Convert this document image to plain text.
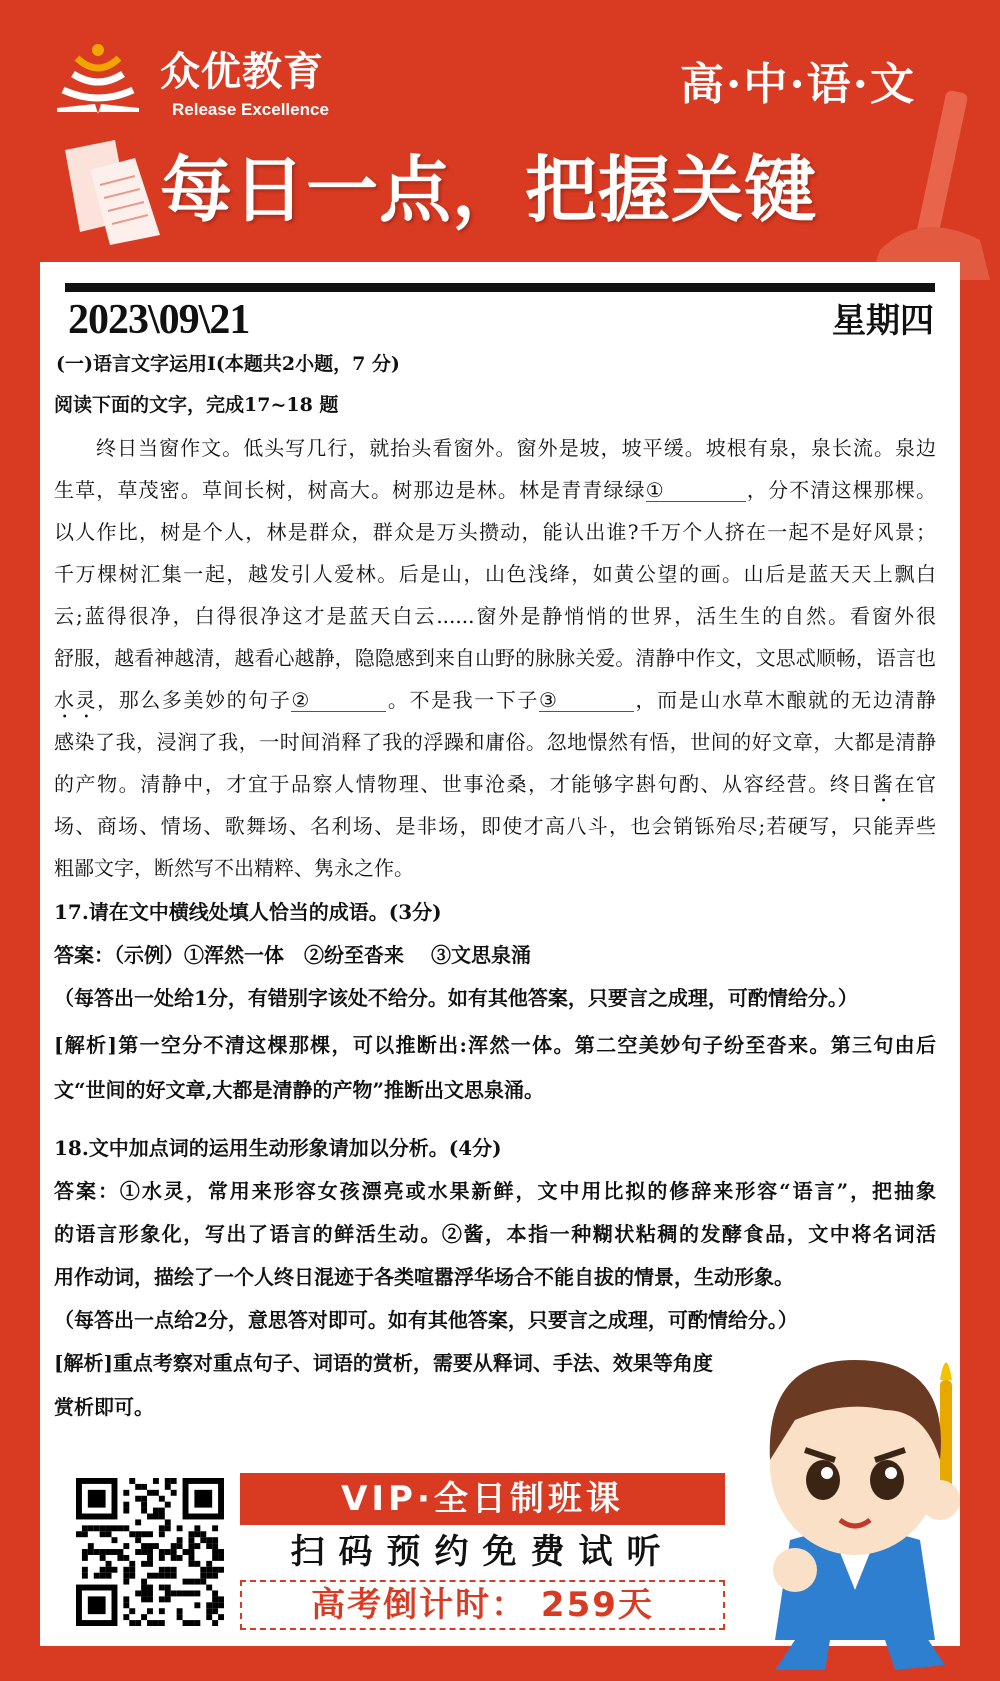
众优教育
Release Excellence	高·中·语·文
每日一点，把握关键
2023\09\21	星期四
(一)语言文字运用I(本题共2小题，7 分)
阅读下面的文字，完成17~18 题
　　终日当窗作文。低头写几行，就抬头看窗外。窗外是坡，坡平缓。坡根有泉，泉长流。泉边
生草，草茂密。草间长树，树高大。树那边是林。林是青青绿绿①	，分不清这棵那棵。
以人作比，树是个人，林是群众，群众是万头攒动，能认出谁?千万个人挤在一起不是好风景；
千万棵树汇集一起，越发引人爱林。后是山，山色浅绛，如黄公望的画。山后是蓝天天上飘白
云;蓝得很净，白得很净这才是蓝天白云......窗外是静悄悄的世界，活生生的自然。看窗外很
舒服，越看神越清，越看心越静，隐隐感到来自山野的脉脉关爱。清静中作文，文思忒顺畅，语言也
水灵，那么多美妙的句子②	。不是我一下子③	，而是山水草木酿就的无边清静
感染了我，浸润了我，一时间消释了我的浮躁和庸俗。忽地憬然有悟，世间的好文章，大都是清静
的产物。清静中，才宜于品察人情物理、世事沧桑，才能够字斟句酌、从容经营。终日酱在官
场、商场、情场、歌舞场、名利场、是非场，即使才高八斗，也会销铄殆尽;若硬写，只能弄些
粗鄙文字，断然写不出精粹、隽永之作。
17.请在文中横线处填人恰当的成语。(3分)
答案：（示例）①浑然一体　②纷至沓来　 ③文思泉涌
（每答出一处给1分，有错别字该处不给分。如有其他答案，只要言之成理，可酌情给分。）
[解析]第一空分不清这棵那棵，可以推断出:浑然一体。第二空美妙句子纷至沓来。第三句由后
文“世间的好文章,大都是清静的产物”推断出文思泉涌。
18.文中加点词的运用生动形象请加以分析。(4分)
答案：①水灵，常用来形容女孩漂亮或水果新鲜，文中用比拟的修辞来形容“语言”，把抽象
的语言形象化，写出了语言的鲜活生动。②酱，本指一种糊状粘稠的发酵食品，文中将名词活
用作动词，描绘了一个人终日混迹于各类喧嚣浮华场合不能自拔的情景，生动形象。
（每答出一点给2分，意思答对即可。如有其他答案，只要言之成理，可酌情给分。）
[解析]重点考察对重点句子、词语的赏析，需要从释词、手法、效果等角度
赏析即可。
VIP·全日制班课
扫码预约免费试听
高考倒计时： 259天
